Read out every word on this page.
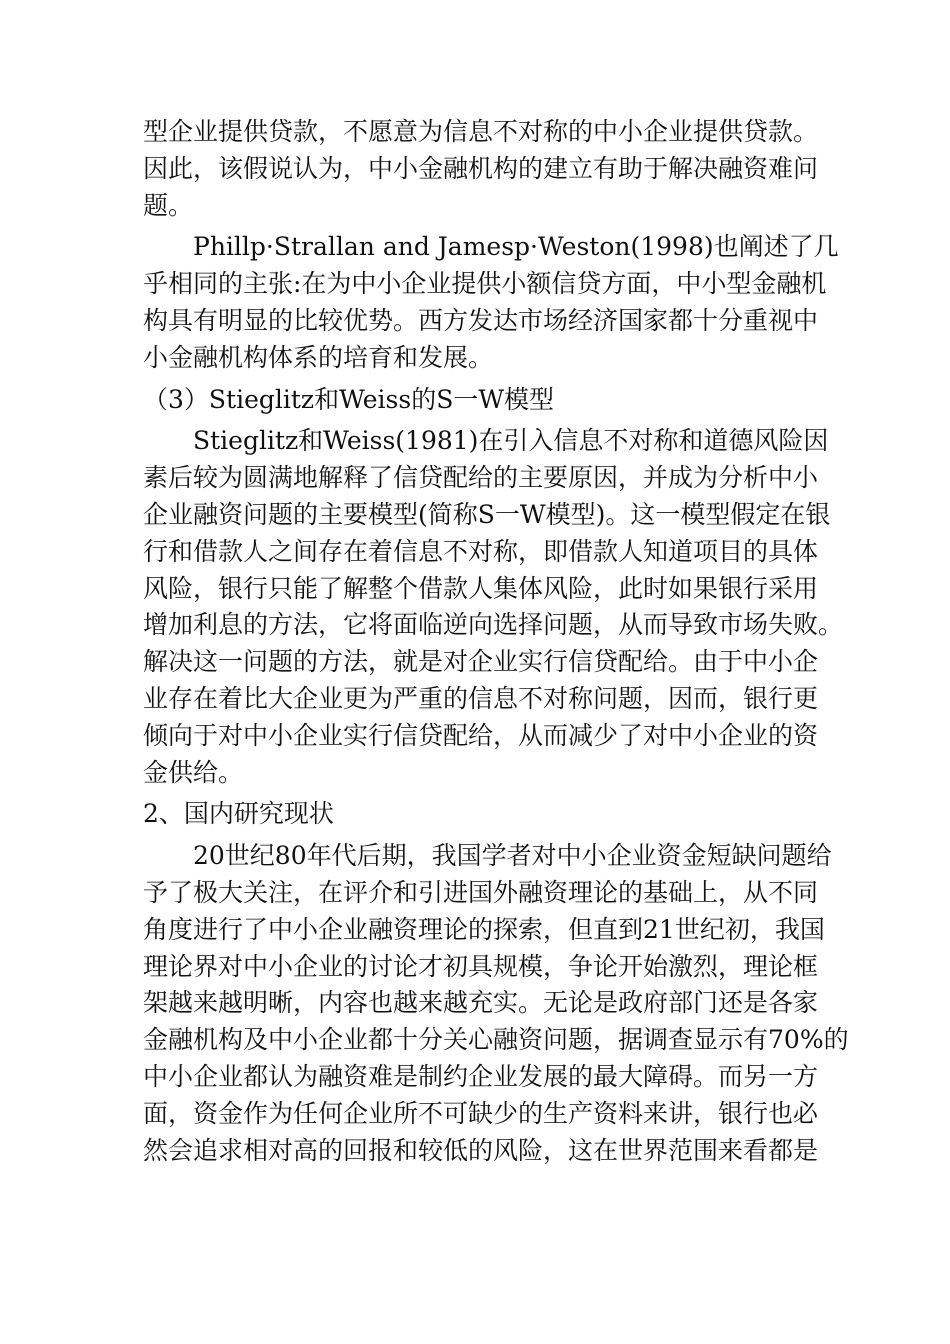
型企业提供贷款，不愿意为信息不对称的中小企业提供贷款。
因此，该假说认为，中小金融机构的建立有助于解决融资难问
题。
Phillp·Strallan and Jamesp·Weston(1998)也阐述了几
乎相同的主张:在为中小企业提供小额信贷方面，中小型金融机
构具有明显的比较优势。西方发达市场经济国家都十分重视中
小金融机构体系的培育和发展。
（3）Stieglitz和Weiss的S一W模型
Stieglitz和Weiss(1981)在引入信息不对称和道德风险因
素后较为圆满地解释了信贷配给的主要原因，并成为分析中小
企业融资问题的主要模型(简称S一W模型)。这一模型假定在银
行和借款人之间存在着信息不对称，即借款人知道项目的具体
风险，银行只能了解整个借款人集体风险，此时如果银行采用
增加利息的方法，它将面临逆向选择问题，从而导致市场失败。
解决这一问题的方法，就是对企业实行信贷配给。由于中小企
业存在着比大企业更为严重的信息不对称问题，因而，银行更
倾向于对中小企业实行信贷配给，从而减少了对中小企业的资
金供给。
2、国内研究现状
20世纪80年代后期，我国学者对中小企业资金短缺问题给
予了极大关注，在评介和引进国外融资理论的基础上，从不同
角度进行了中小企业融资理论的探索，但直到21世纪初，我国
理论界对中小企业的讨论才初具规模，争论开始激烈，理论框
架越来越明晰，内容也越来越充实。无论是政府部门还是各家
金融机构及中小企业都十分关心融资问题，据调查显示有70%的
中小企业都认为融资难是制约企业发展的最大障碍。而另一方
面，资金作为任何企业所不可缺少的生产资料来讲，银行也必
然会追求相对高的回报和较低的风险，这在世界范围来看都是
